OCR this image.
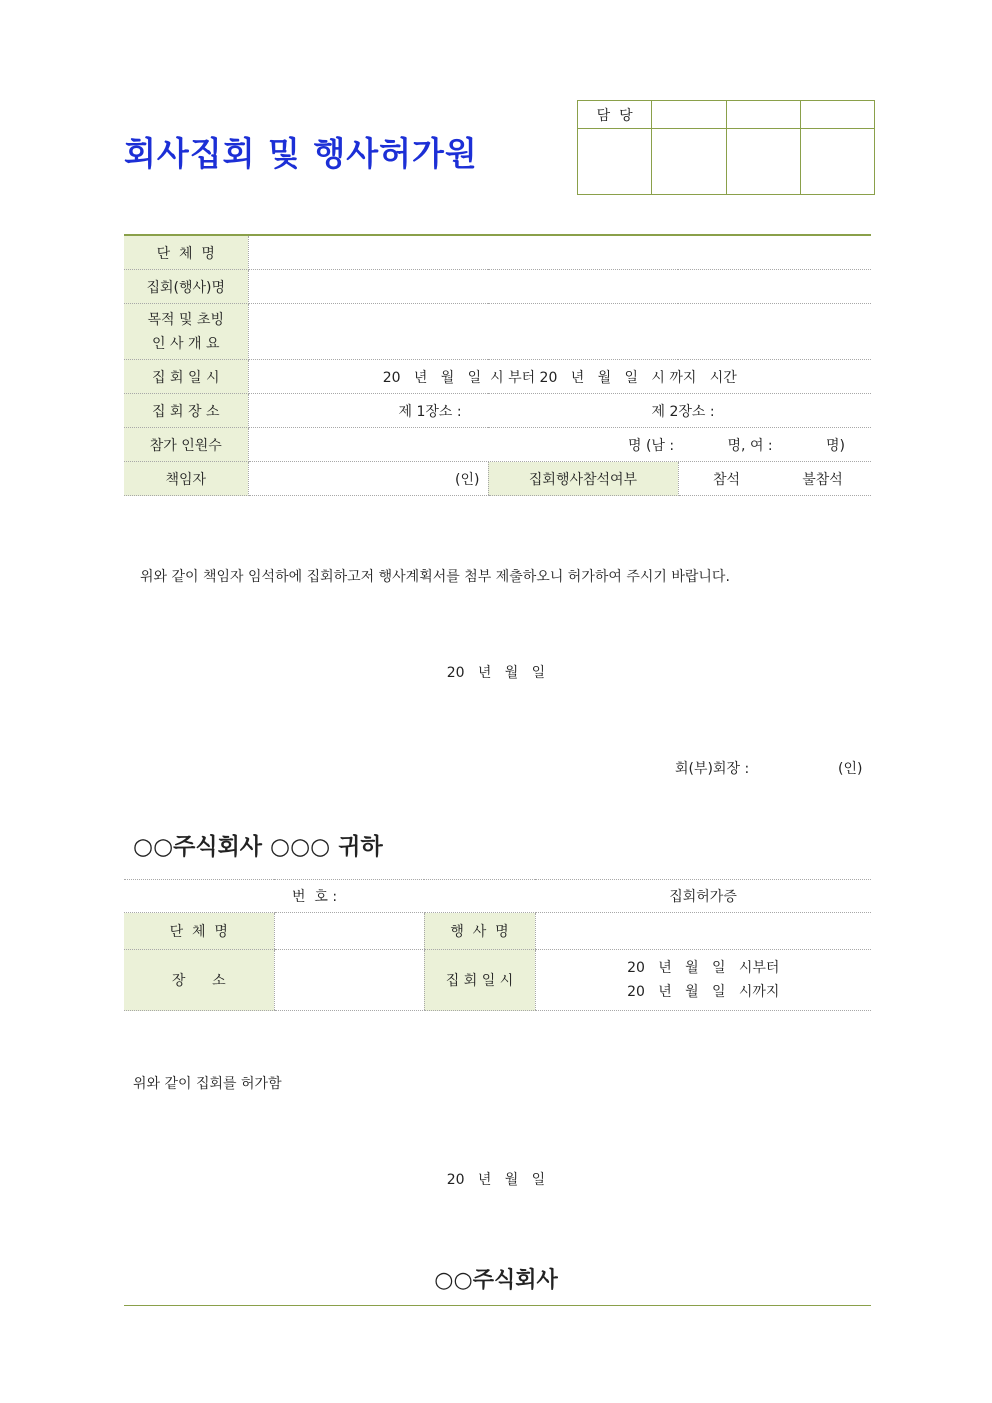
회사집회 및 행사허가원
담  당			

단  체  명			
집회(행사)명			

목적 및 초빙
인 사 개 요			

집 회 일 시	20   년   월   일  시 부터 20   년   월   일   시 까지   시간		
집 회 장 소	제 1장소 : 제 2장소 :		
참가 인원수	명 (남 :            명, 여 :            명)		
책임자	(인)	집회행사참석여부	참석 불참석
위와 같이 책임자 임석하에 집회하고저 행사계획서를 첨부 제출하오니 허가하여 주시기 바랍니다.
20   년   월   일
회(부)회장 :	(인)
○○주식회사 ○○○ 귀하
번  호 :			집회허가증
단  체  명		행  사  명	
장      소		집 회 일 시	20   년   월   일   시부터
20   년   월   일   시까지
위와 같이 집회를 허가함
20   년   월   일
○○주식회사
